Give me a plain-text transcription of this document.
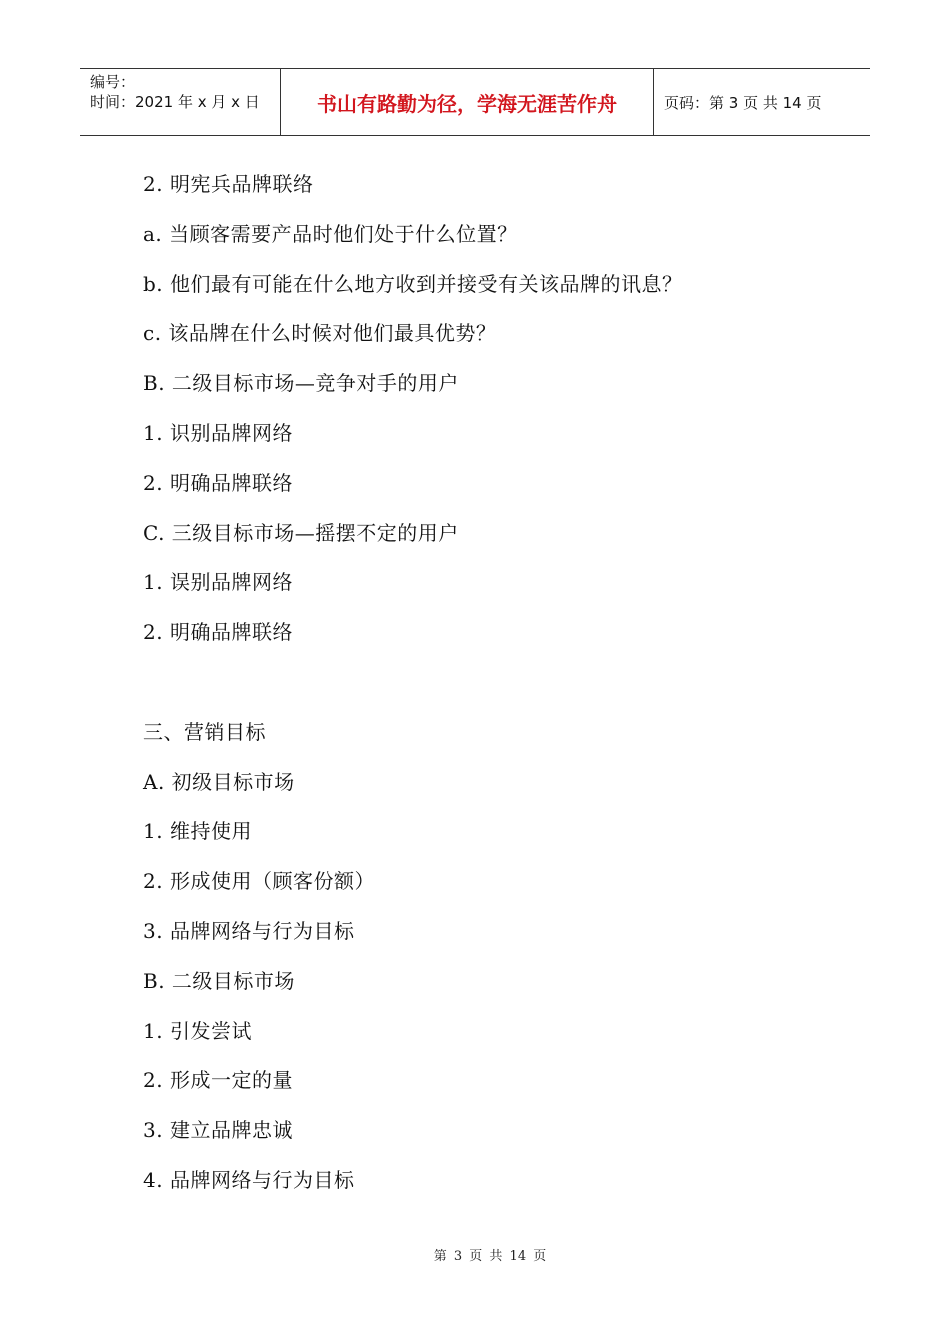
编号：
时间：2021 年 x 月 x 日	书山有路勤为径，学海无涯苦作舟	页码：第 3 页 共 14 页
2. 明宪兵品牌联络
a. 当顾客需要产品时他们处于什么位置？
b. 他们最有可能在什么地方收到并接受有关该品牌的讯息？
c. 该品牌在什么时候对他们最具优势？
B. 二级目标市场—竞争对手的用户
1. 识别品牌网络
2. 明确品牌联络
C. 三级目标市场—摇摆不定的用户
1. 误别品牌网络
2. 明确品牌联络
三、营销目标
A. 初级目标市场
1. 维持使用
2. 形成使用（顾客份额）
3. 品牌网络与行为目标
B. 二级目标市场
1. 引发尝试
2. 形成一定的量
3. 建立品牌忠诚
4. 品牌网络与行为目标
第 3 页 共 14 页
